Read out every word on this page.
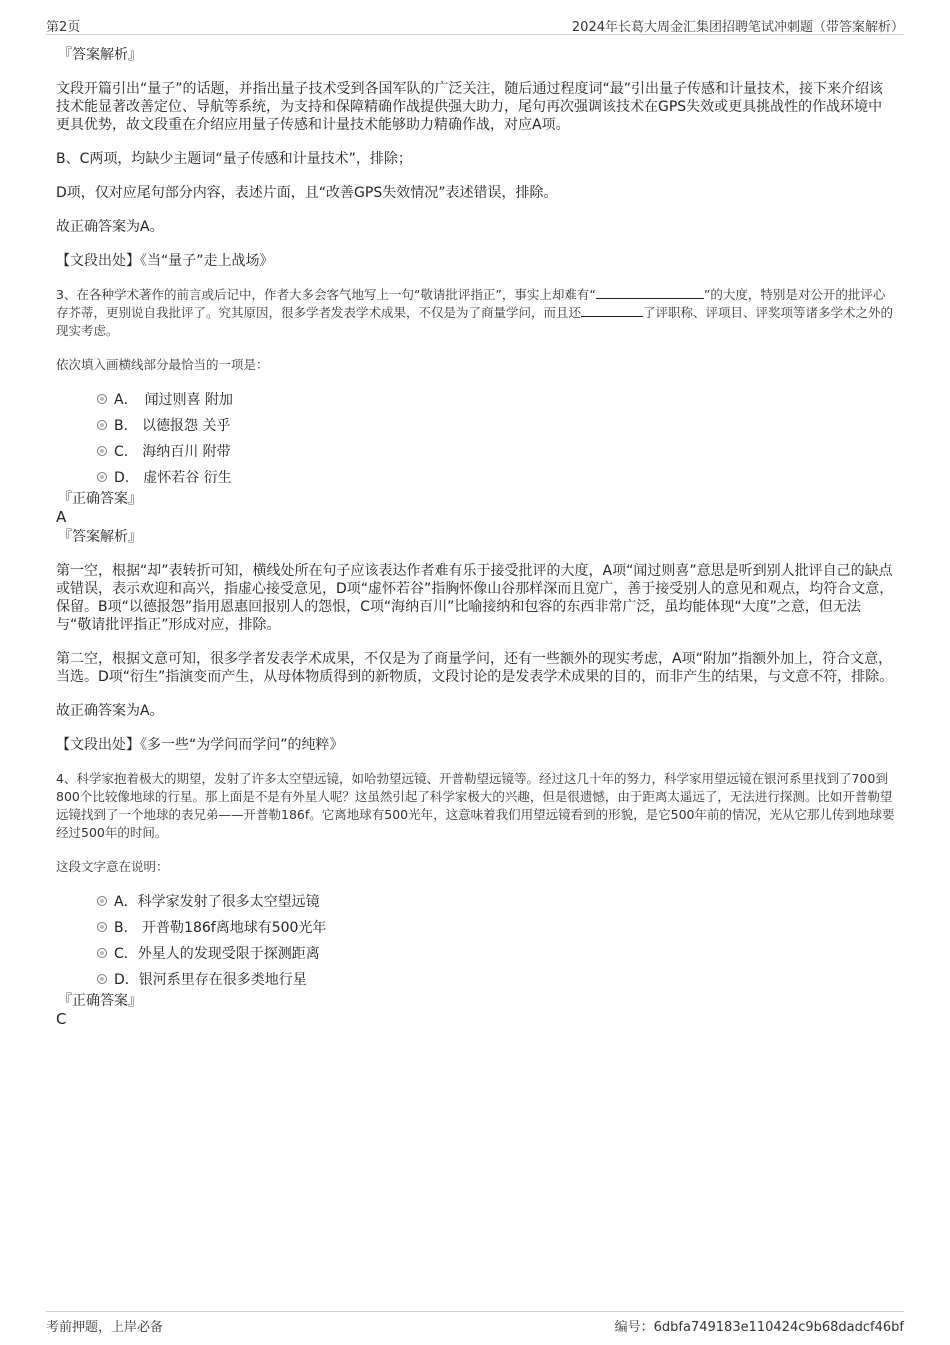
第2页	2024年长葛大周金汇集团招聘笔试冲刺题（带答案解析）

『答案解析』

文段开篇引出“量子”的话题，并指出量子技术受到各国军队的广泛关注，随后通过程度词“最”引出量子传感和计量技术，接下来介绍该技术能显著改善定位、导航等系统，为支持和保障精确作战提供强大助力，尾句再次强调该技术在GPS失效或更具挑战性的作战环境中更具优势，故文段重在介绍应用量子传感和计量技术能够助力精确作战，对应A项。

B、C两项，均缺少主题词“量子传感和计量技术”，排除；

D项，仅对应尾句部分内容，表述片面，且“改善GPS失效情况”表述错误，排除。

故正确答案为A。

【文段出处】《当“量子”走上战场》

3、在各种学术著作的前言或后记中，作者大多会客气地写上一句“敬请批评指正”，事实上却难有“	”的大度，特别是对公开的批评心存芥蒂，更别说自我批评了。究其原因，很多学者发表学术成果，不仅是为了商量学问，而且还	了评职称、评项目、评奖项等诸多学术之外的现实考虑。

依次填入画横线部分最恰当的一项是：

A．　闻过则喜 附加
B.　以德报怨 关乎
C.　海纳百川 附带
D.　虚怀若谷 衍生

『正确答案』

A

『答案解析』

第一空，根据“却”表转折可知，横线处所在句子应该表达作者难有乐于接受批评的大度，A项“闻过则喜”意思是听到别人批评自己的缺点或错误，表示欢迎和高兴，指虚心接受意见，D项“虚怀若谷”指胸怀像山谷那样深而且宽广，善于接受别人的意见和观点，均符合文意，保留。B项“以德报怨”指用恩惠回报别人的怨恨，C项“海纳百川”比喻接纳和包容的东西非常广泛，虽均能体现“大度”之意，但无法与“敬请批评指正”形成对应，排除。

第二空，根据文意可知，很多学者发表学术成果，不仅是为了商量学问，还有一些额外的现实考虑，A项“附加”指额外加上，符合文意，当选。D项“衍生”指演变而产生，从母体物质得到的新物质，文段讨论的是发表学术成果的目的，而非产生的结果，与文意不符，排除。

故正确答案为A。

【文段出处】《多一些“为学问而学问”的纯粹》

4、科学家抱着极大的期望，发射了许多太空望远镜，如哈勃望远镜、开普勒望远镜等。经过这几十年的努力，科学家用望远镜在银河系里找到了700到800个比较像地球的行星。那上面是不是有外星人呢？这虽然引起了科学家极大的兴趣，但是很遗憾，由于距离太遥远了，无法进行探测。比如开普勒望远镜找到了一个地球的表兄弟——开普勒186f。它离地球有500光年，这意味着我们用望远镜看到的形貌，是它500年前的情况，光从它那儿传到地球要经过500年的时间。

这段文字意在说明：

A．科学家发射了很多太空望远镜
B.　开普勒186f离地球有500光年
C．外星人的发现受限于探测距离
D．银河系里存在很多类地行星

『正确答案』

C

考前押题，上岸必备	编号：6dbfa749183e110424c9b68dadcf46bf
